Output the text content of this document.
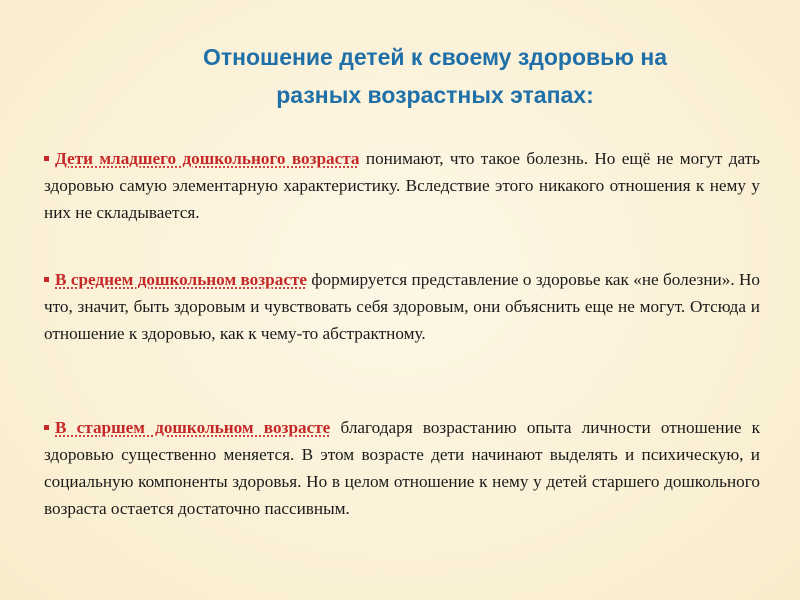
Отношение детей к своему здоровью на
разных возрастных этапах:
Дети младшего дошкольного возраста понимают, что такое болезнь. Но ещё не могут дать здоровью самую элементарную характеристику. Вследствие этого никакого отношения к нему у них не складывается.
В среднем дошкольном возрасте формируется представление о здоровье как «не болезни». Но что, значит, быть здоровым и чувствовать себя здоровым, они объяснить еще не могут. Отсюда и отношение к здоровью, как к чему-то абстрактному.
В старшем дошкольном возрасте благодаря возрастанию опыта личности отношение к здоровью существенно меняется. В этом возрасте дети начинают выделять и психическую, и социальную компоненты здоровья. Но в целом отношение к нему у детей старшего дошкольного возраста остается достаточно пассивным.
